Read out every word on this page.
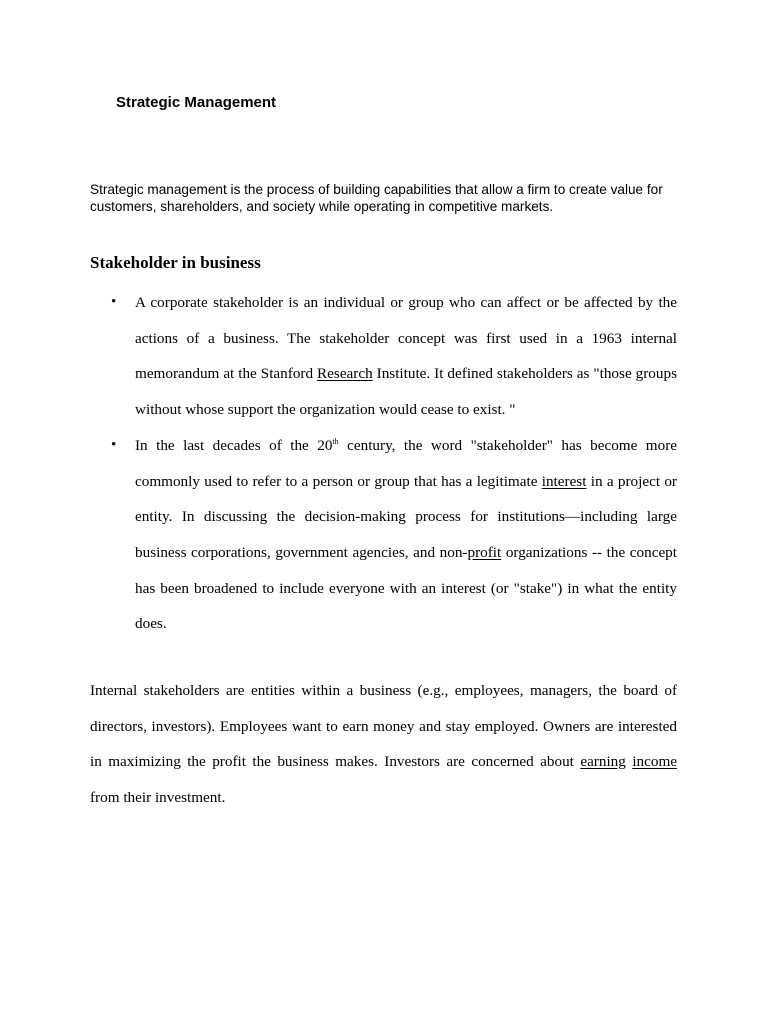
Strategic Management

Strategic management is the process of building capabilities that allow a firm to create value for customers, shareholders, and society while operating in competitive markets.

Stakeholder in business
• A corporate stakeholder is an individual or group who can affect or be affected by the actions of a business. The stakeholder concept was first used in a 1963 internal memorandum at the Stanford Research Institute. It defined stakeholders as "those groups without whose support the organization would cease to exist. "
• In the last decades of the 20th century, the word "stakeholder" has become more commonly used to refer to a person or group that has a legitimate interest in a project or entity. In discussing the decision-making process for institutions—including large business corporations, government agencies, and non-profit organizations -- the concept has been broadened to include everyone with an interest (or "stake") in what the entity does.

Internal stakeholders are entities within a business (e.g., employees, managers, the board of directors, investors). Employees want to earn money and stay employed. Owners are interested in maximizing the profit the business makes. Investors are concerned about earning income from their investment.
